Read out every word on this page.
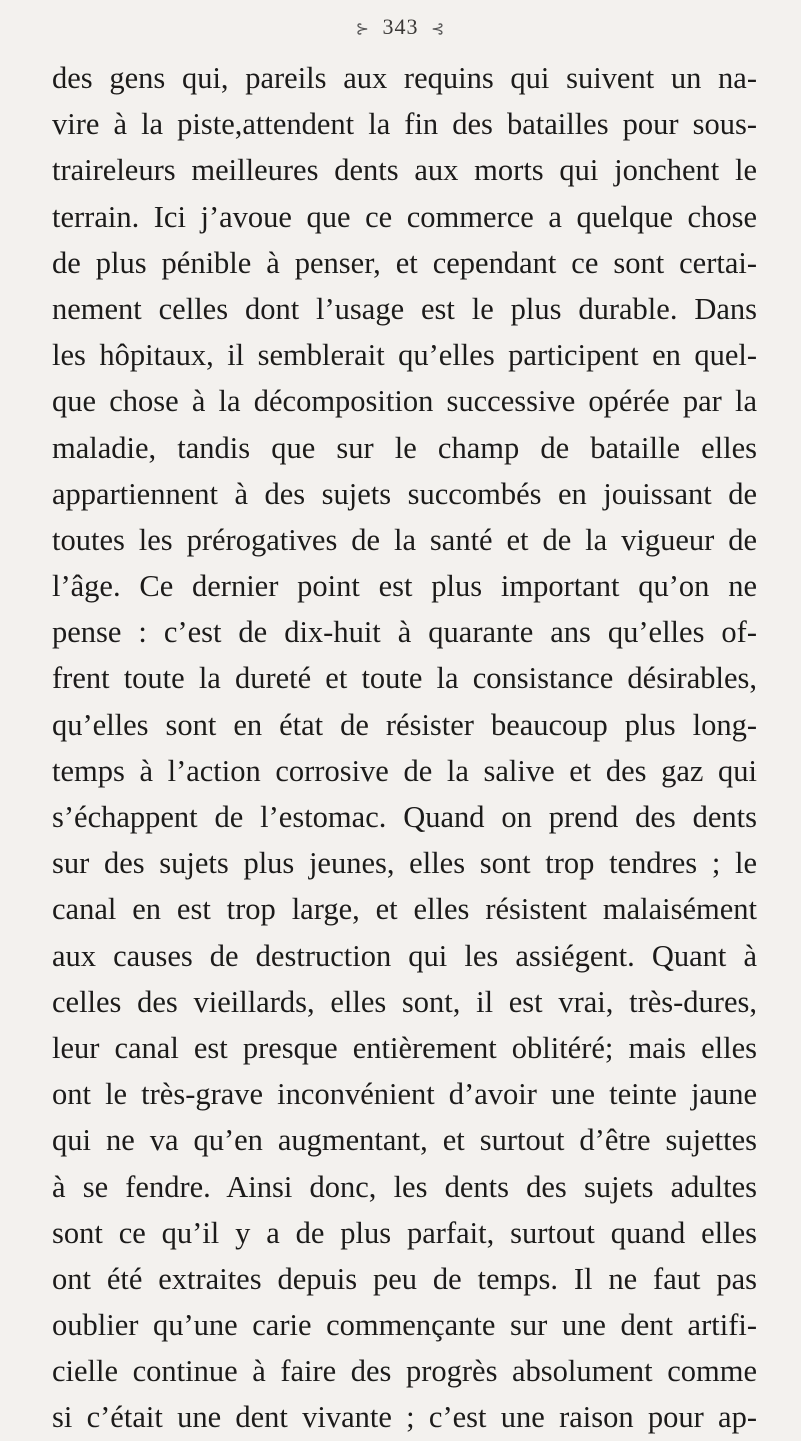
⊱ 343 ⊰
des gens qui, pareils aux requins qui suivent un na-
vire à la piste,attendent la fin des batailles pour sous-
traireleurs meilleures dents aux morts qui jonchent le
terrain. Ici j’avoue que ce commerce a quelque chose
de plus pénible à penser, et cependant ce sont certai-
nement celles dont l’usage est le plus durable. Dans
les hôpitaux, il semblerait qu’elles participent en quel-
que chose à la décomposition successive opérée par la
maladie, tandis que sur le champ de bataille elles
appartiennent à des sujets succombés en jouissant de
toutes les prérogatives de la santé et de la vigueur de
l’âge. Ce dernier point est plus important qu’on ne
pense : c’est de dix-huit à quarante ans qu’elles of-
frent toute la dureté et toute la consistance désirables,
qu’elles sont en état de résister beaucoup plus long-
temps à l’action corrosive de la salive et des gaz qui
s’échappent de l’estomac. Quand on prend des dents
sur des sujets plus jeunes, elles sont trop tendres ; le
canal en est trop large, et elles résistent malaisément
aux causes de destruction qui les assiégent. Quant à
celles des vieillards, elles sont, il est vrai, très-dures,
leur canal est presque entièrement oblitéré; mais elles
ont le très-grave inconvénient d’avoir une teinte jaune
qui ne va qu’en augmentant, et surtout d’être sujettes
à se fendre. Ainsi donc, les dents des sujets adultes
sont ce qu’il y a de plus parfait, surtout quand elles
ont été extraites depuis peu de temps. Il ne faut pas
oublier qu’une carie commençante sur une dent artifi-
cielle continue à faire des progrès absolument comme
si c’était une dent vivante ; c’est une raison pour ap-
